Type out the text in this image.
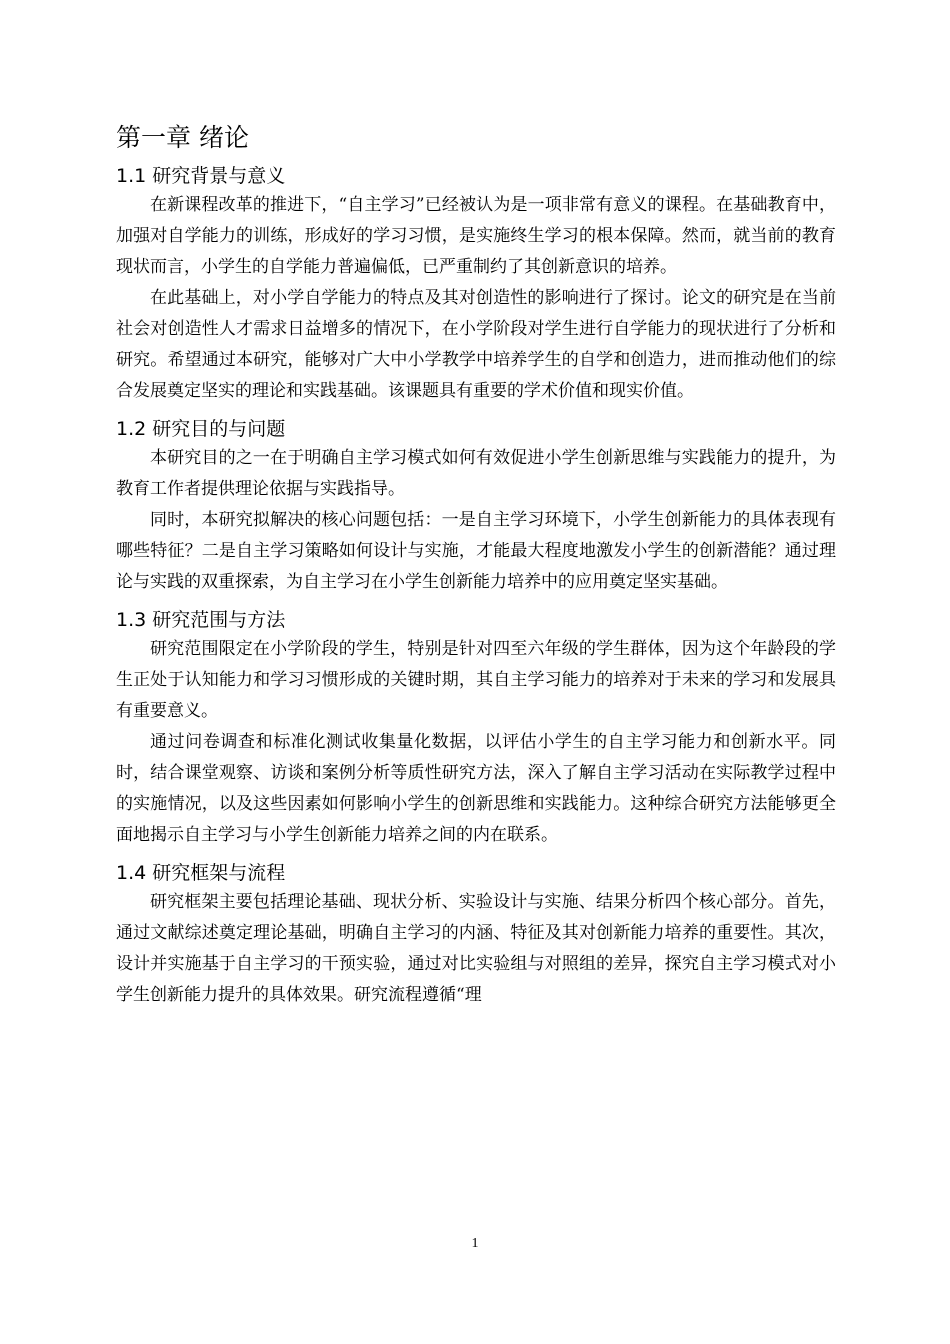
第一章 绪论
1.1 研究背景与意义

在新课程改革的推进下，“自主学习”已经被认为是一项非常有意义的课程。在基础教育中，加强对自学能力的训练，形成好的学习习惯，是实施终生学习的根本保障。然而，就当前的教育现状而言，小学生的自学能力普遍偏低，已严重制约了其创新意识的培养。

在此基础上，对小学自学能力的特点及其对创造性的影响进行了探讨。论文的研究是在当前社会对创造性人才需求日益增多的情况下，在小学阶段对学生进行自学能力的现状进行了分析和研究。希望通过本研究，能够对广大中小学教学中培养学生的自学和创造力，进而推动他们的综合发展奠定坚实的理论和实践基础。该课题具有重要的学术价值和现实价值。

1.2 研究目的与问题

本研究目的之一在于明确自主学习模式如何有效促进小学生创新思维与实践能力的提升，为教育工作者提供理论依据与实践指导。

同时，本研究拟解决的核心问题包括：一是自主学习环境下，小学生创新能力的具体表现有哪些特征？二是自主学习策略如何设计与实施，才能最大程度地激发小学生的创新潜能？通过理论与实践的双重探索，为自主学习在小学生创新能力培养中的应用奠定坚实基础。

1.3 研究范围与方法

研究范围限定在小学阶段的学生，特别是针对四至六年级的学生群体，因为这个年龄段的学生正处于认知能力和学习习惯形成的关键时期，其自主学习能力的培养对于未来的学习和发展具有重要意义。

通过问卷调查和标准化测试收集量化数据，以评估小学生的自主学习能力和创新水平。同时，结合课堂观察、访谈和案例分析等质性研究方法，深入了解自主学习活动在实际教学过程中的实施情况，以及这些因素如何影响小学生的创新思维和实践能力。这种综合研究方法能够更全面地揭示自主学习与小学生创新能力培养之间的内在联系。

1.4 研究框架与流程

研究框架主要包括理论基础、现状分析、实验设计与实施、结果分析四个核心部分。首先，通过文献综述奠定理论基础，明确自主学习的内涵、特征及其对创新能力培养的重要性。其次，设计并实施基于自主学习的干预实验，通过对比实验组与对照组的差异，探究自主学习模式对小学生创新能力提升的具体效果。研究流程遵循“理

1
